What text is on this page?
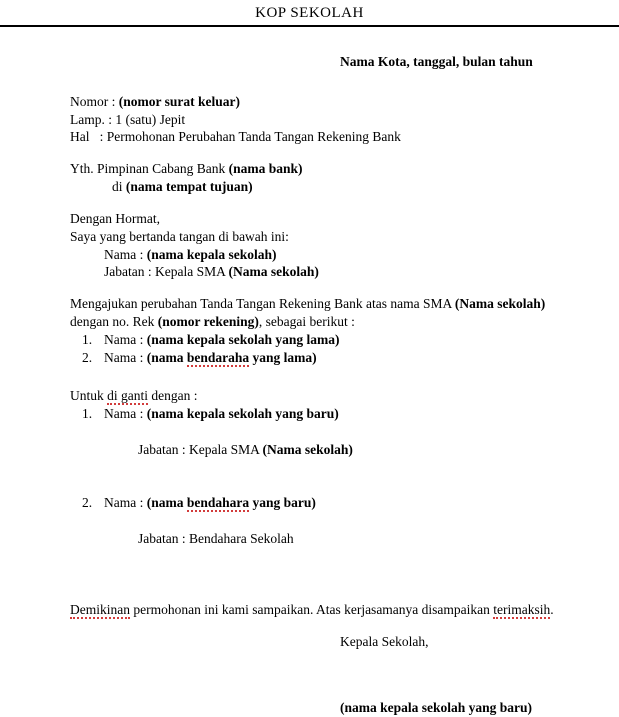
KOP SEKOLAH
Nama Kota, tanggal, bulan tahun
Nomor : (nomor surat keluar)
Lamp. : 1 (satu) Jepit
Hal   : Permohonan Perubahan Tanda Tangan Rekening Bank
Yth. Pimpinan Cabang Bank (nama bank)
di (nama tempat tujuan)
Dengan Hormat,
Saya yang bertanda tangan di bawah ini:
Nama : (nama kepala sekolah)
Jabatan : Kepala SMA (Nama sekolah)
Mengajukan perubahan Tanda Tangan Rekening Bank atas nama SMA (Nama sekolah) dengan no. Rek (nomor rekening), sebagai berikut :
1. Nama : (nama kepala sekolah yang lama)
2. Nama : (nama bendaraha yang lama)
Untuk di ganti dengan :
1. Nama : (nama kepala sekolah yang baru)

Jabatan : Kepala SMA (Nama sekolah)

2. Nama : (nama bendahara yang baru)

Jabatan : Bendahara Sekolah

Demikinan permohonan ini kami sampaikan. Atas kerjasamanya disampaikan terimaksih.
Kepala Sekolah,
(nama kepala sekolah yang baru)
